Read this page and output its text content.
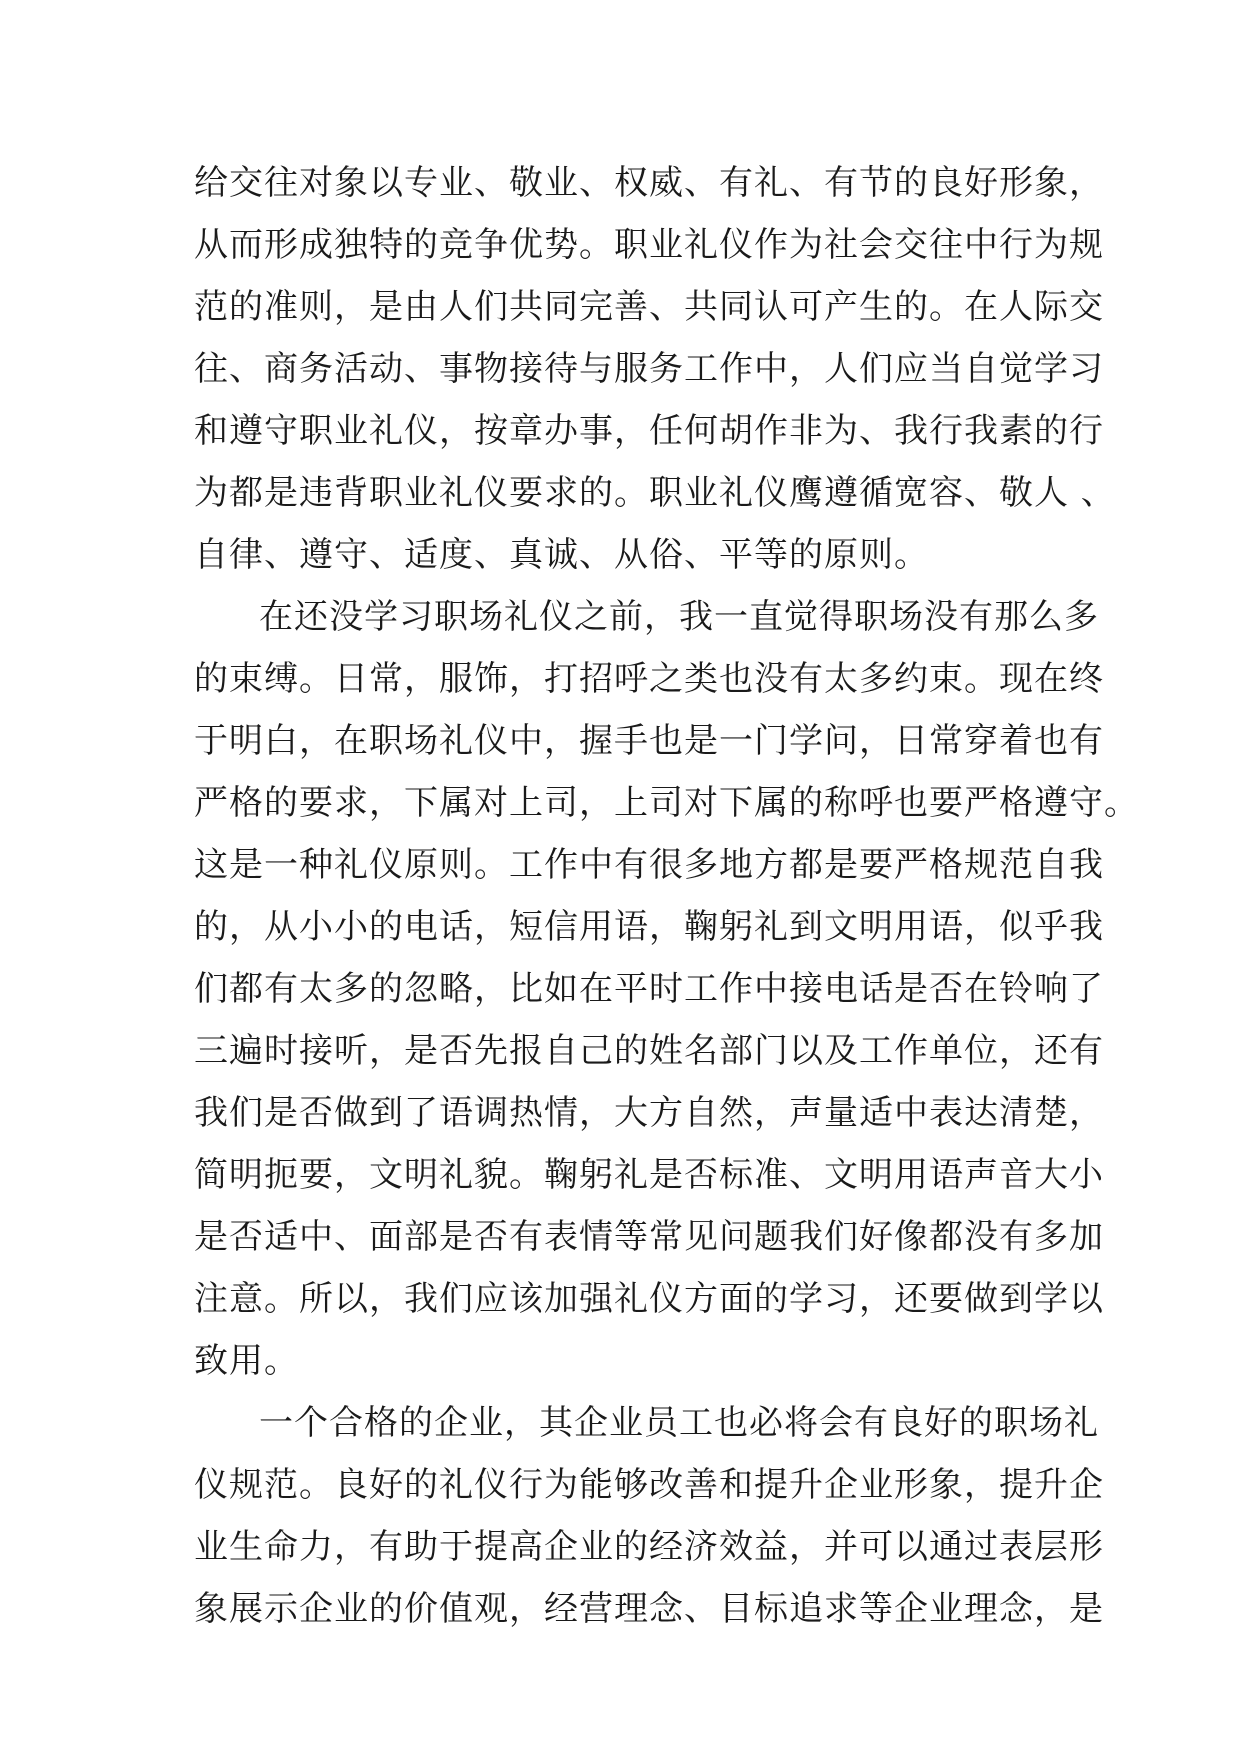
给交往对象以专业、敬业、权威、有礼、有节的良好形象，
从而形成独特的竞争优势。职业礼仪作为社会交往中行为规
范的准则，是由人们共同完善、共同认可产生的。在人际交
往、商务活动、事物接待与服务工作中，人们应当自觉学习
和遵守职业礼仪，按章办事，任何胡作非为、我行我素的行
为都是违背职业礼仪要求的。职业礼仪鹰遵循宽容、敬人 、
自律、遵守、适度、真诚、从俗、平等的原则。
在还没学习职场礼仪之前，我一直觉得职场没有那么多
的束缚。日常，服饰，打招呼之类也没有太多约束。现在终
于明白，在职场礼仪中，握手也是一门学问，日常穿着也有
严格的要求，下属对上司，上司对下属的称呼也要严格遵守。
这是一种礼仪原则。工作中有很多地方都是要严格规范自我
的，从小小的电话，短信用语，鞠躬礼到文明用语，似乎我
们都有太多的忽略，比如在平时工作中接电话是否在铃响了
三遍时接听，是否先报自己的姓名部门以及工作单位，还有
我们是否做到了语调热情，大方自然，声量适中表达清楚，
简明扼要，文明礼貌。鞠躬礼是否标准、文明用语声音大小
是否适中、面部是否有表情等常见问题我们好像都没有多加
注意。所以，我们应该加强礼仪方面的学习，还要做到学以
致用。
一个合格的企业，其企业员工也必将会有良好的职场礼
仪规范。良好的礼仪行为能够改善和提升企业形象，提升企
业生命力，有助于提高企业的经济效益，并可以通过表层形
象展示企业的价值观，经营理念、目标追求等企业理念，是
